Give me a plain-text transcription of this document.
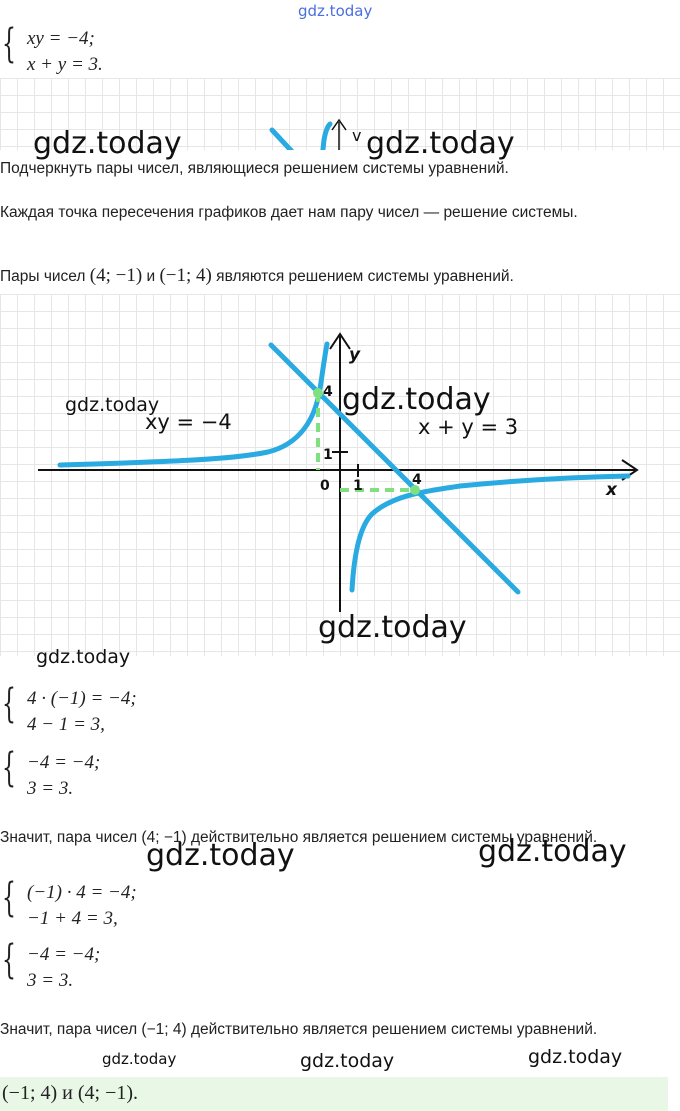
gdz.today
{ xy = −4;
x + y = 3.
gdz.today	v gdz.today
Подчеркнуть пары чисел, являющиеся решением системы уравнений.
Каждая точка пересечения графиков дает нам пару чисел — решение системы.
Пары чисел (4; −1) и (−1; 4) являются решением системы уравнений.
y
x
4
1
0 1	4
xy = −4	x + y = 3
gdz.today	gdz.today
gdz.today
gdz.today
{ 4 · (−1) = −4;
4 − 1 = 3,
{ −4 = −4;
3 = 3.
Значит, пара чисел (4; −1) действительно является решением системы уравнений.
gdz.today	gdz.today
{ (−1) · 4 = −4;
−1 + 4 = 3,
{ −4 = −4;
3 = 3.
Значит, пара чисел (−1; 4) действительно является решением системы уравнений.
gdz.today	gdz.today	gdz.today
(−1; 4) и (4; −1).
